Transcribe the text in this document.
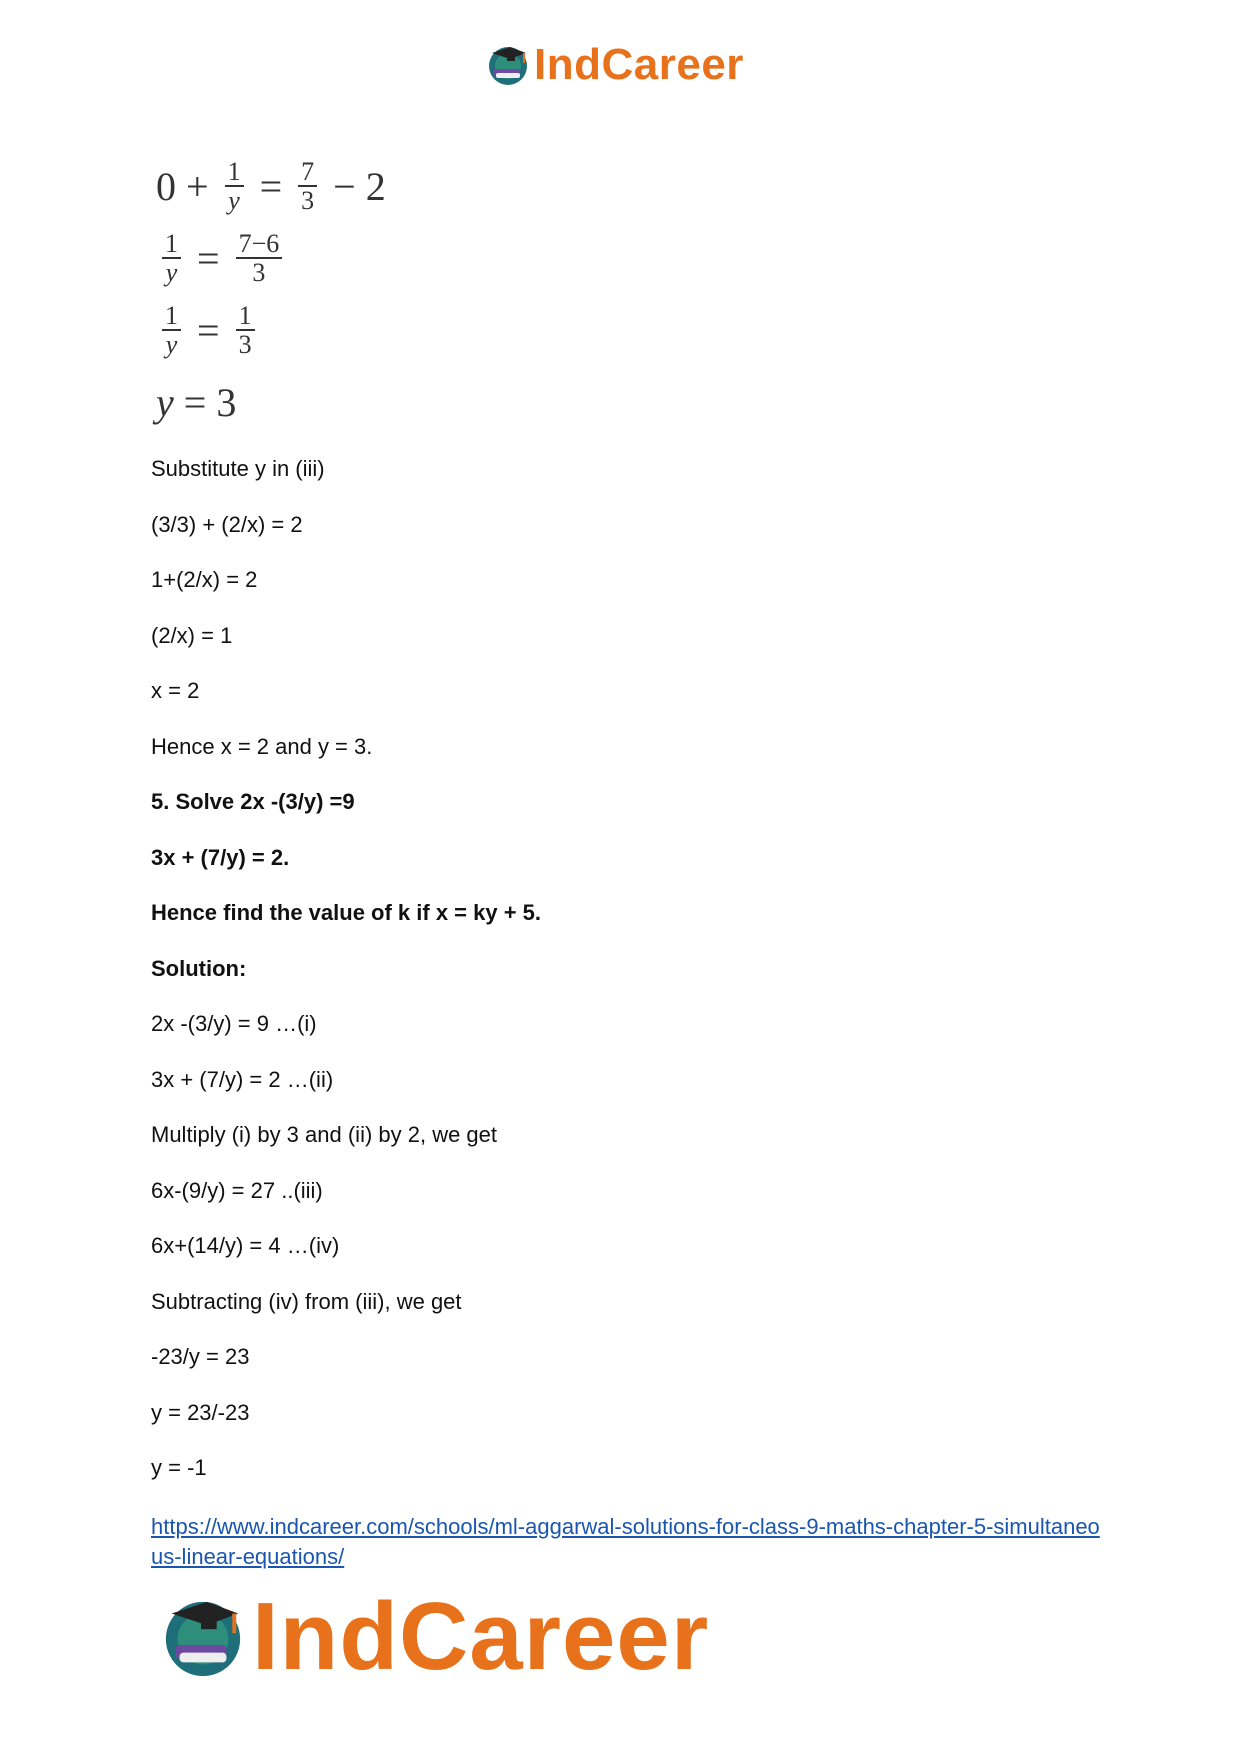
IndCareer
$0 + \frac{1}{y} = \frac{7}{3} - 2$
$\frac{1}{y} = \frac{7-6}{3}$
$\frac{1}{y} = \frac{1}{3}$
y = 3
Substitute y in (iii)
(3/3) + (2/x) = 2
1+(2/x) = 2
(2/x) = 1
x = 2
Hence x = 2 and y = 3.
5. Solve 2x -(3/y) =9
3x + (7/y) = 2.
Hence find the value of k if x = ky + 5.
Solution:
2x -(3/y) = 9 …(i)
3x + (7/y) = 2 …(ii)
Multiply (i) by 3 and (ii) by 2, we get
6x-(9/y) = 27 ..(iii)
6x+(14/y) = 4 …(iv)
Subtracting (iv) from (iii), we get
-23/y = 23
y = 23/-23
y = -1
https://www.indcareer.com/schools/ml-aggarwal-solutions-for-class-9-maths-chapter-5-simultaneous-linear-equations/
IndCareer
